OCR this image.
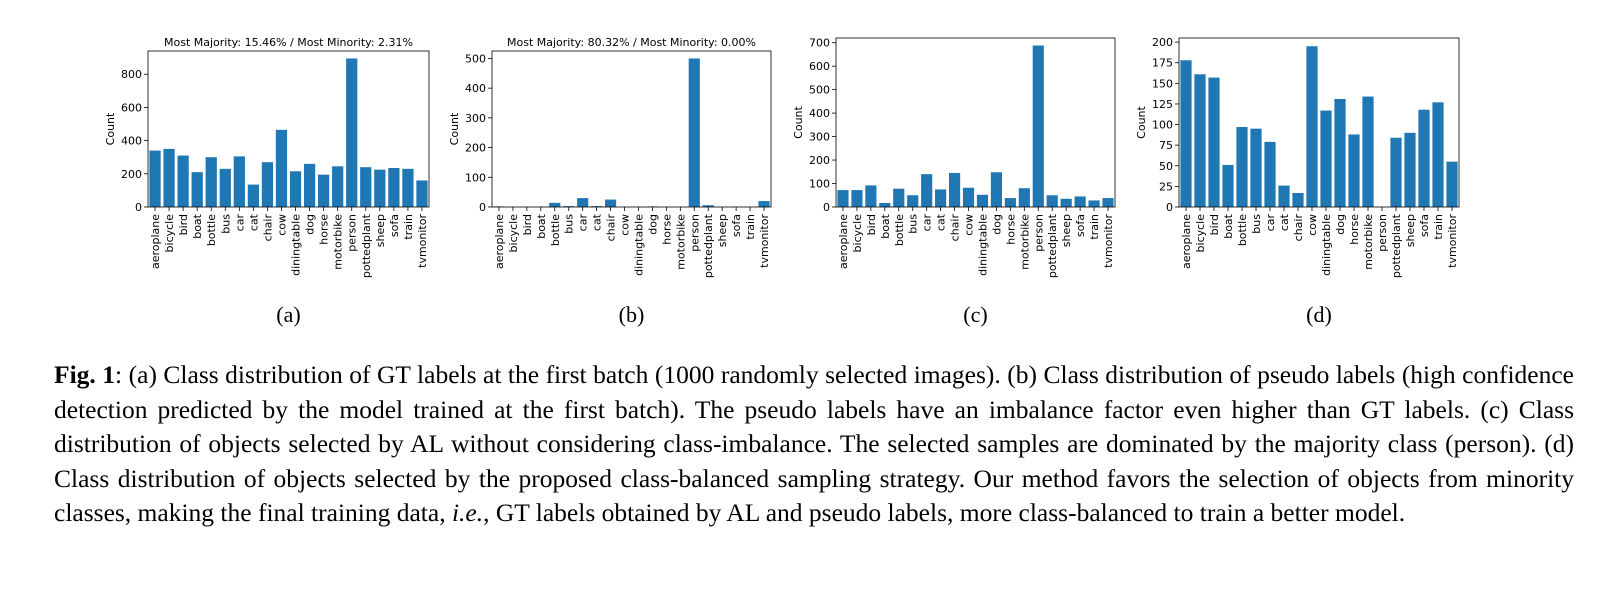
0
200
400
600
800
aeroplane bicycle bird boat bottle bus car cat chair cow diningtable dog horse motorbike person pottedplant sheep sofa train tvmonitor
Count
Most Majority: 15.46% / Most Minority: 2.31%
(a)
0
100
200
300
400
500
aeroplane bicycle bird boat bottle bus car cat chair cow diningtable dog horse motorbike person pottedplant sheep sofa train tvmonitor
Count
Most Majority: 80.32% / Most Minority: 0.00%
(b)
0
100
200
300
400
500
600
700
aeroplane bicycle bird boat bottle bus car cat chair cow diningtable dog horse motorbike person pottedplant sheep sofa train tvmonitor
Count
(c)
0
25
50
75
100
125
150
175
200
aeroplane bicycle bird boat bottle bus car cat chair cow diningtable dog horse motorbike person pottedplant sheep sofa train tvmonitor
Count
(d)

Fig. 1: (a) Class distribution of GT labels at the first batch (1000 randomly selected images). (b) Class distribution of pseudo labels (high confidence detection predicted by the model trained at the first batch). The pseudo labels have an imbalance factor even higher than GT labels. (c) Class distribution of objects selected by AL without considering class-imbalance. The selected samples are dominated by the majority class (person). (d) Class distribution of objects selected by the proposed class-balanced sampling strategy. Our method favors the selection of objects from minority classes, making the final training data, i.e., GT labels obtained by AL and pseudo labels, more class-balanced to train a better model.
